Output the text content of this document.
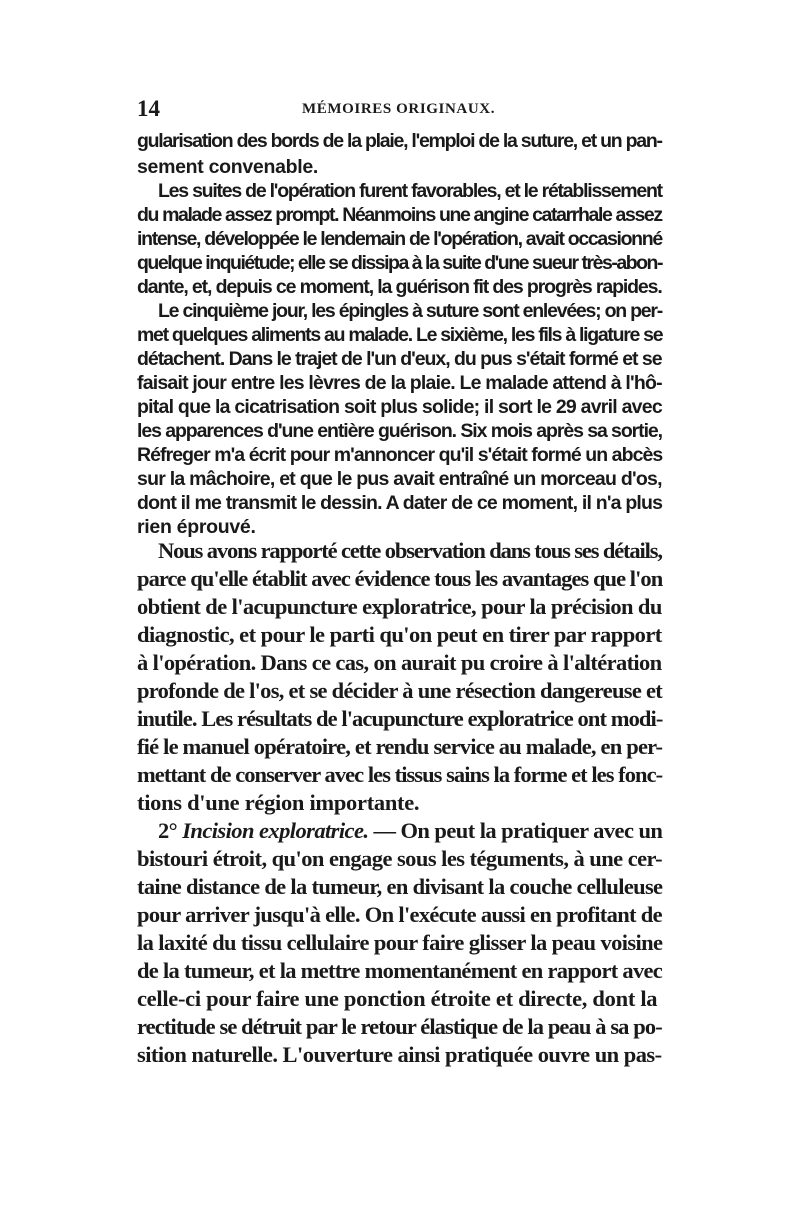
14	MÉMOIRES ORIGINAUX.

gularisation des bords de la plaie, l'emploi de la suture, et un pan-

sement convenable.

Les suites de l'opération furent favorables, et le rétablissement

du malade assez prompt. Néanmoins une angine catarrhale assez

intense, développée le lendemain de l'opération, avait occasionné

quelque inquiétude; elle se dissipa à la suite d'une sueur très-abon-

dante, et, depuis ce moment, la guérison fit des progrès rapides.

Le cinquième jour, les épingles à suture sont enlevées; on per-

met quelques aliments au malade. Le sixième, les fils à ligature se

détachent. Dans le trajet de l'un d'eux, du pus s'était formé et se

faisait jour entre les lèvres de la plaie. Le malade attend à l'hô-

pital que la cicatrisation soit plus solide; il sort le 29 avril avec

les apparences d'une entière guérison. Six mois après sa sortie,

Réfreger m'a écrit pour m'annoncer qu'il s'était formé un abcès

sur la mâchoire, et que le pus avait entraîné un morceau d'os,

dont il me transmit le dessin. A dater de ce moment, il n'a plus

rien éprouvé.

Nous avons rapporté cette observation dans tous ses détails,

parce qu'elle établit avec évidence tous les avantages que l'on

obtient de l'acupuncture exploratrice, pour la précision du

diagnostic, et pour le parti qu'on peut en tirer par rapport

à l'opération. Dans ce cas, on aurait pu croire à l'altération

profonde de l'os, et se décider à une résection dangereuse et

inutile. Les résultats de l'acupuncture exploratrice ont modi-

fié le manuel opératoire, et rendu service au malade, en per-

mettant de conserver avec les tissus sains la forme et les fonc-

tions d'une région importante.

2° Incision exploratrice. — On peut la pratiquer avec un

bistouri étroit, qu'on engage sous les téguments, à une cer-

taine distance de la tumeur, en divisant la couche celluleuse

pour arriver jusqu'à elle. On l'exécute aussi en profitant de

la laxité du tissu cellulaire pour faire glisser la peau voisine

de la tumeur, et la mettre momentanément en rapport avec

celle-ci pour faire une ponction étroite et directe, dont la

rectitude se détruit par le retour élastique de la peau à sa po-

sition naturelle. L'ouverture ainsi pratiquée ouvre un pas-
